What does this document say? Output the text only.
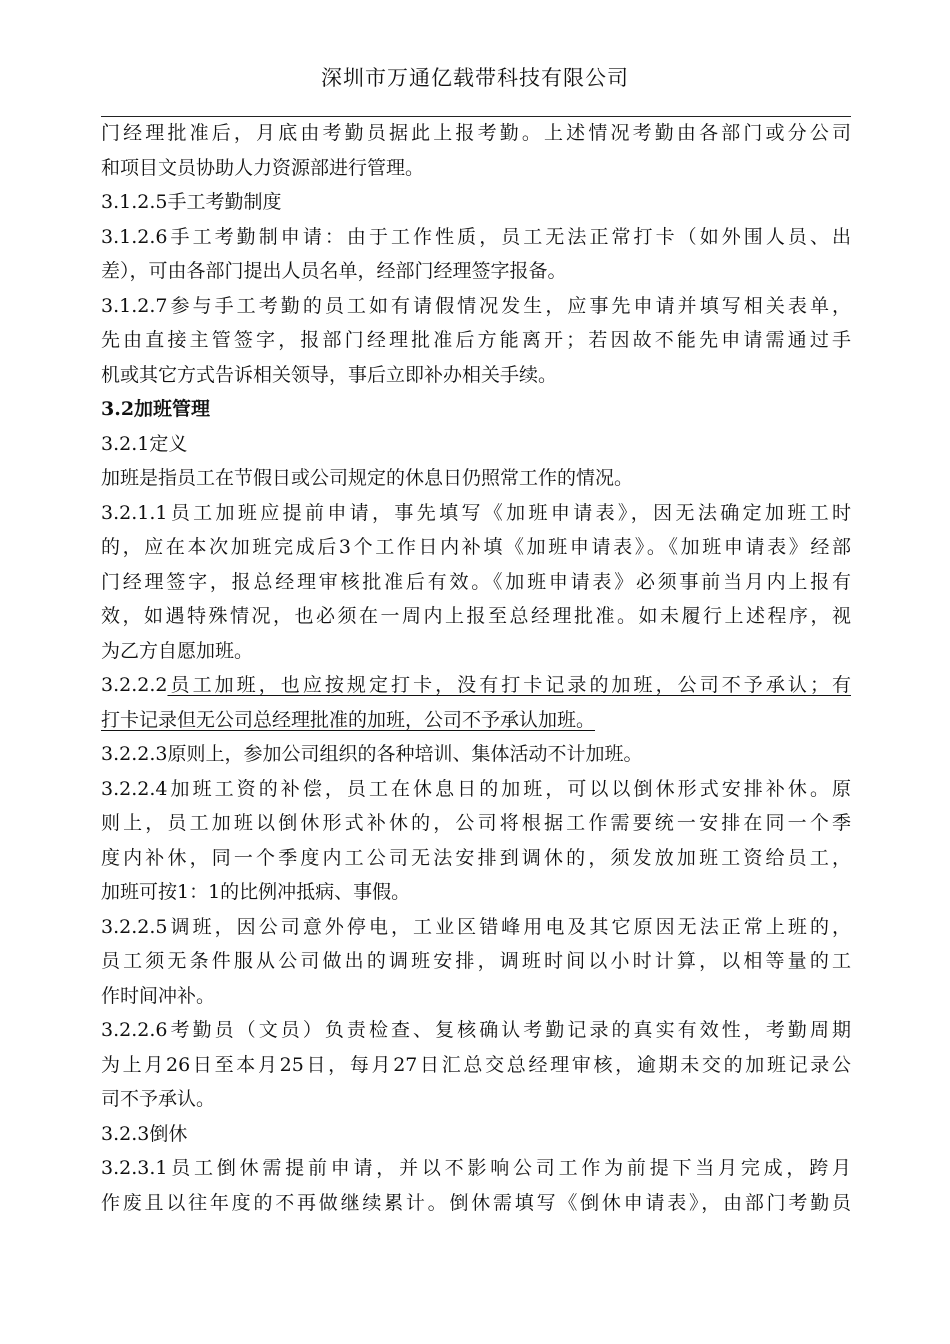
深圳市万通亿载带科技有限公司
门经理批准后，月底由考勤员据此上报考勤。上述情况考勤由各部门或分公司
和项目文员协助人力资源部进行管理。
3.1.2.5手工考勤制度
3.1.2.6手工考勤制申请：由于工作性质，员工无法正常打卡（如外围人员、出
差），可由各部门提出人员名单，经部门经理签字报备。
3.1.2.7参与手工考勤的员工如有请假情况发生，应事先申请并填写相关表单，
先由直接主管签字，报部门经理批准后方能离开；若因故不能先申请需通过手
机或其它方式告诉相关领导，事后立即补办相关手续。
3.2加班管理
3.2.1定义
加班是指员工在节假日或公司规定的休息日仍照常工作的情况。
3.2.1.1员工加班应提前申请，事先填写《加班申请表》，因无法确定加班工时
的，应在本次加班完成后3个工作日内补填《加班申请表》。《加班申请表》经部
门经理签字，报总经理审核批准后有效。《加班申请表》必须事前当月内上报有
效，如遇特殊情况，也必须在一周内上报至总经理批准。如未履行上述程序，视
为乙方自愿加班。
3.2.2.2员工加班，也应按规定打卡，没有打卡记录的加班，公司不予承认；有
打卡记录但无公司总经理批准的加班，公司不予承认加班。
3.2.2.3原则上，参加公司组织的各种培训、集体活动不计加班。
3.2.2.4加班工资的补偿，员工在休息日的加班，可以以倒休形式安排补休。原
则上，员工加班以倒休形式补休的，公司将根据工作需要统一安排在同一个季
度内补休，同一个季度内工公司无法安排到调休的，须发放加班工资给员工，
加班可按1：1的比例冲抵病、事假。
3.2.2.5调班，因公司意外停电，工业区错峰用电及其它原因无法正常上班的，
员工须无条件服从公司做出的调班安排，调班时间以小时计算，以相等量的工
作时间冲补。
3.2.2.6考勤员（文员）负责检查、复核确认考勤记录的真实有效性，考勤周期
为上月26日至本月25日，每月27日汇总交总经理审核，逾期未交的加班记录公
司不予承认。
3.2.3倒休
3.2.3.1员工倒休需提前申请，并以不影响公司工作为前提下当月完成，跨月
作废且以往年度的不再做继续累计。倒休需填写《倒休申请表》，由部门考勤员
